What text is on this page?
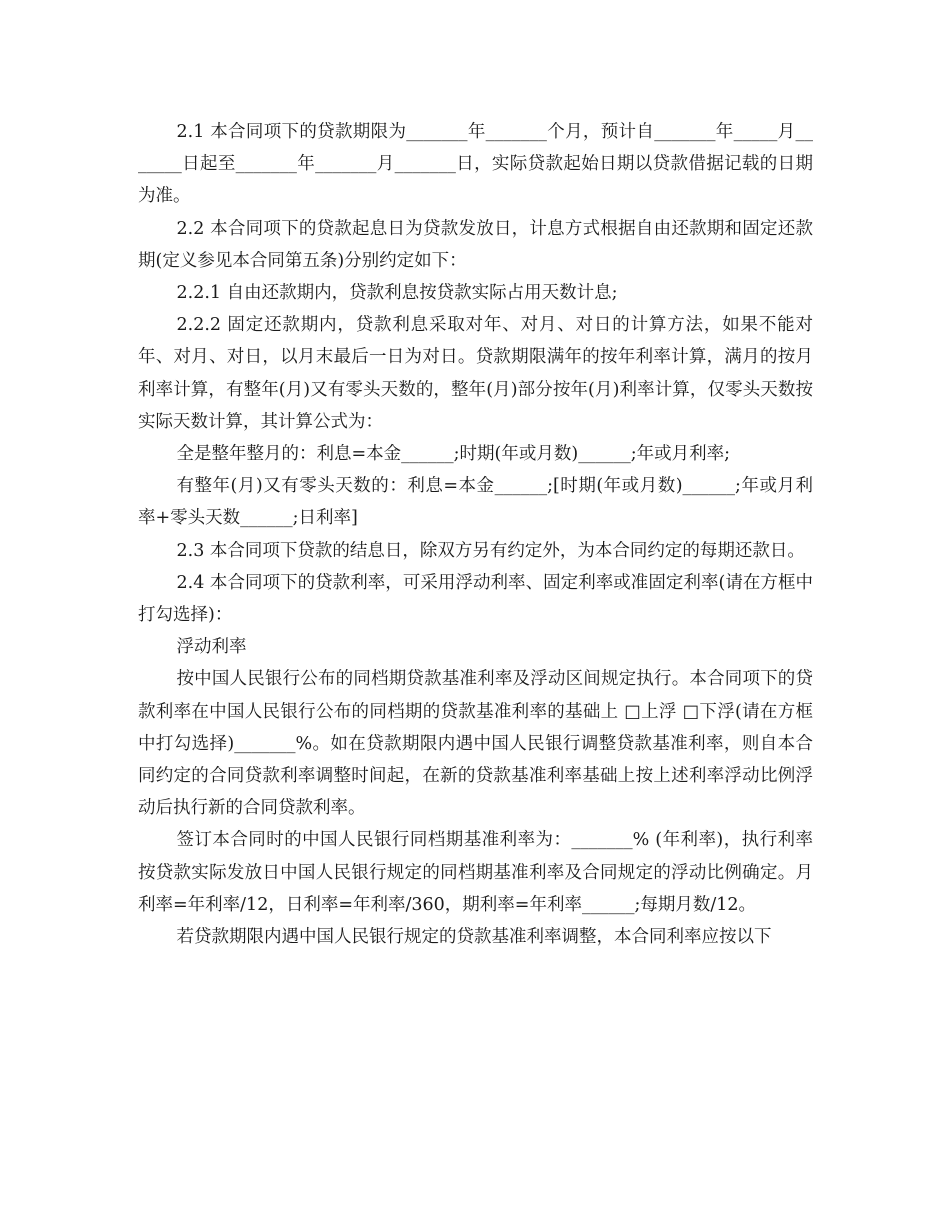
2.1 本合同项下的贷款期限为_______年_______个月，预计自_______年_____月_______日起至_______年_______月_______日，实际贷款起始日期以贷款借据记载的日期为准。

2.2 本合同项下的贷款起息日为贷款发放日，计息方式根据自由还款期和固定还款期(定义参见本合同第五条)分别约定如下：

2.2.1 自由还款期内，贷款利息按贷款实际占用天数计息;

2.2.2 固定还款期内，贷款利息采取对年、对月、对日的计算方法，如果不能对年、对月、对日，以月末最后一日为对日。贷款期限满年的按年利率计算，满月的按月利率计算，有整年(月)又有零头天数的，整年(月)部分按年(月)利率计算，仅零头天数按实际天数计算，其计算公式为：

全是整年整月的：利息=本金______;时期(年或月数)______;年或月利率;

有整年(月)又有零头天数的：利息=本金______;[时期(年或月数)______;年或月利率+零头天数______;日利率]

2.3 本合同项下贷款的结息日，除双方另有约定外，为本合同约定的每期还款日。

2.4 本合同项下的贷款利率，可采用浮动利率、固定利率或准固定利率(请在方框中打勾选择)：

浮动利率

按中国人民银行公布的同档期贷款基准利率及浮动区间规定执行。本合同项下的贷款利率在中国人民银行公布的同档期的贷款基准利率的基础上 □上浮 □下浮(请在方框中打勾选择)_______%。如在贷款期限内遇中国人民银行调整贷款基准利率，则自本合同约定的合同贷款利率调整时间起，在新的贷款基准利率基础上按上述利率浮动比例浮动后执行新的合同贷款利率。

签订本合同时的中国人民银行同档期基准利率为：_______% (年利率)，执行利率按贷款实际发放日中国人民银行规定的同档期基准利率及合同规定的浮动比例确定。月利率=年利率/12，日利率=年利率/360，期利率=年利率______;每期月数/12。

若贷款期限内遇中国人民银行规定的贷款基准利率调整，本合同利率应按以下
